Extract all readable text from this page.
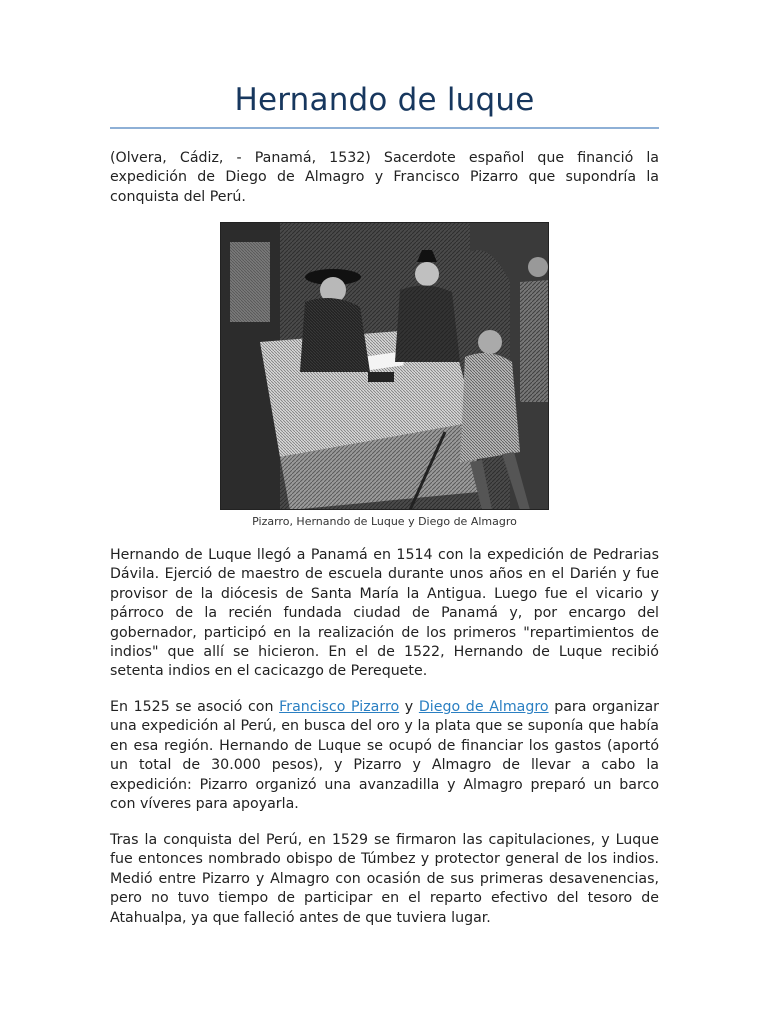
Hernando de luque

(Olvera, Cádiz, - Panamá, 1532) Sacerdote español que financió la expedición de Diego de Almagro y Francisco Pizarro que supondría la conquista del Perú.

Pizarro, Hernando de Luque y Diego de Almagro

Hernando de Luque llegó a Panamá en 1514 con la expedición de Pedrarias Dávila. Ejerció de maestro de escuela durante unos años en el Darién y fue provisor de la diócesis de Santa María la Antigua. Luego fue el vicario y párroco de la recién fundada ciudad de Panamá y, por encargo del gobernador, participó en la realización de los primeros "repartimientos de indios" que allí se hicieron. En el de 1522, Hernando de Luque recibió setenta indios en el cacicazgo de Perequete.

En 1525 se asoció con Francisco Pizarro y Diego de Almagro para organizar una expedición al Perú, en busca del oro y la plata que se suponía que había en esa región. Hernando de Luque se ocupó de financiar los gastos (aportó un total de 30.000 pesos), y Pizarro y Almagro de llevar a cabo la expedición: Pizarro organizó una avanzadilla y Almagro preparó un barco con víveres para apoyarla.

Tras la conquista del Perú, en 1529 se firmaron las capitulaciones, y Luque fue entonces nombrado obispo de Túmbez y protector general de los indios. Medió entre Pizarro y Almagro con ocasión de sus primeras desavenencias, pero no tuvo tiempo de participar en el reparto efectivo del tesoro de Atahualpa, ya que falleció antes de que tuviera lugar.
